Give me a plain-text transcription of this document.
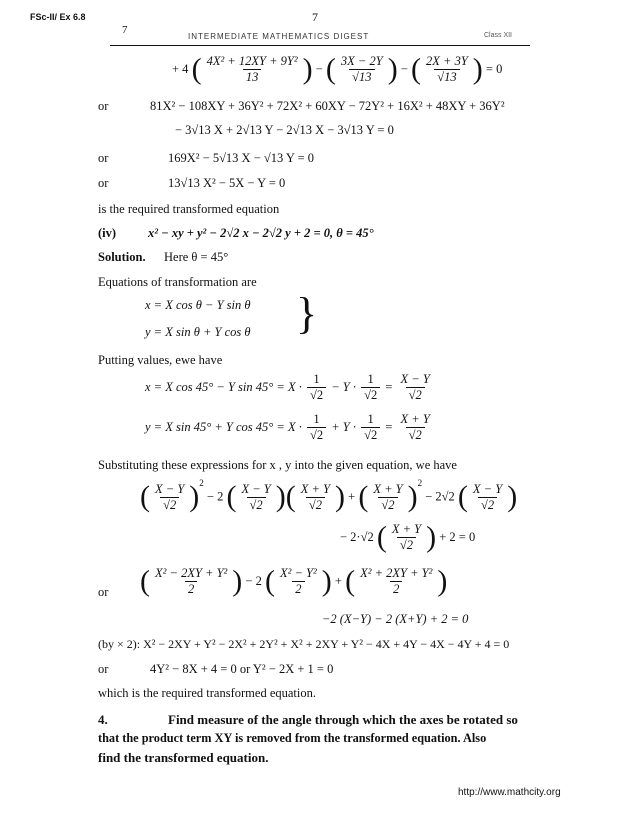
FSc-II/ Ex 6.8	7
7
INTERMEDIATE MATHEMATICS DIGEST	Class XII
+ 4 ( $\frac{\text{4X² + 12XY + 9Y²}}{13}$ ) − ( $\frac{3X - 2Y}{√13}$ ) − ( $\frac{2X + 3Y}{√13}$ ) = 0
or	81X² − 108XY + 36Y² + 72X² + 60XY − 72Y² + 16X² + 48XY + 36Y²
− 3√13 X + 2√13 Y − 2√13 X − 3√13 Y = 0
or	169X² − 5√13 X − √13 Y = 0
or	13√13 X² − 5X − Y = 0
is the required transformed equation
(iv)	x² − xy + y² − 2√2 x − 2√2 y + 2 = 0, θ = 45°
Solution. Here θ = 45°
Equations of transformation are
x = X cos θ − Y sin θ
y = X sin θ + Y cos θ }
Putting values, ewe have
x = X cos 45° − Y $\sin 45^\circ = X \cdot \frac{1}{√2} - Y \cdot \frac{1}{√2} = \frac{X - Y}{√2}$
y = X sin 45° + Y $\cos 45^\circ = X \cdot \frac{1}{√2} + Y \cdot \frac{1}{√2} = \frac{X + Y}{√2}$
Substituting these expressions for x , y into the given equation, we have
( $\frac{X - Y}{√2} )^2 - 2$ ( $\frac{X - Y}{√2}$ )( $\frac{X + Y}{√2}$ ) + ( $\frac{X + Y}{√2} )^2 - 2√2$ ( $\frac{X - Y}{√2}$ )
− 2·√2 ( $\frac{X + Y}{√2}$ ) + 2 = 0
or ( $\frac{\text{X² − 2XY + Y²}}{2}$ ) − 2 ( $\frac{\text{X² − Y²}}{2}$ ) + ( $\frac{\text{X² + 2XY + Y²}}{2}$ )
−2 (X−Y) − 2 (X+Y) + 2 = 0
(by × 2): X² − 2XY + Y² − 2X² + 2Y² + X² + 2XY + Y² − 4X + 4Y − 4X − 4Y + 4 = 0
or	4Y² − 8X + 4 = 0 or Y² − 2X + 1 = 0
which is the required transformed equation.
4.	Find measure of the angle through which the axes be rotated so
that the product term XY is removed from the transformed equation. Also
find the transformed equation.
http://www.mathcity.org
